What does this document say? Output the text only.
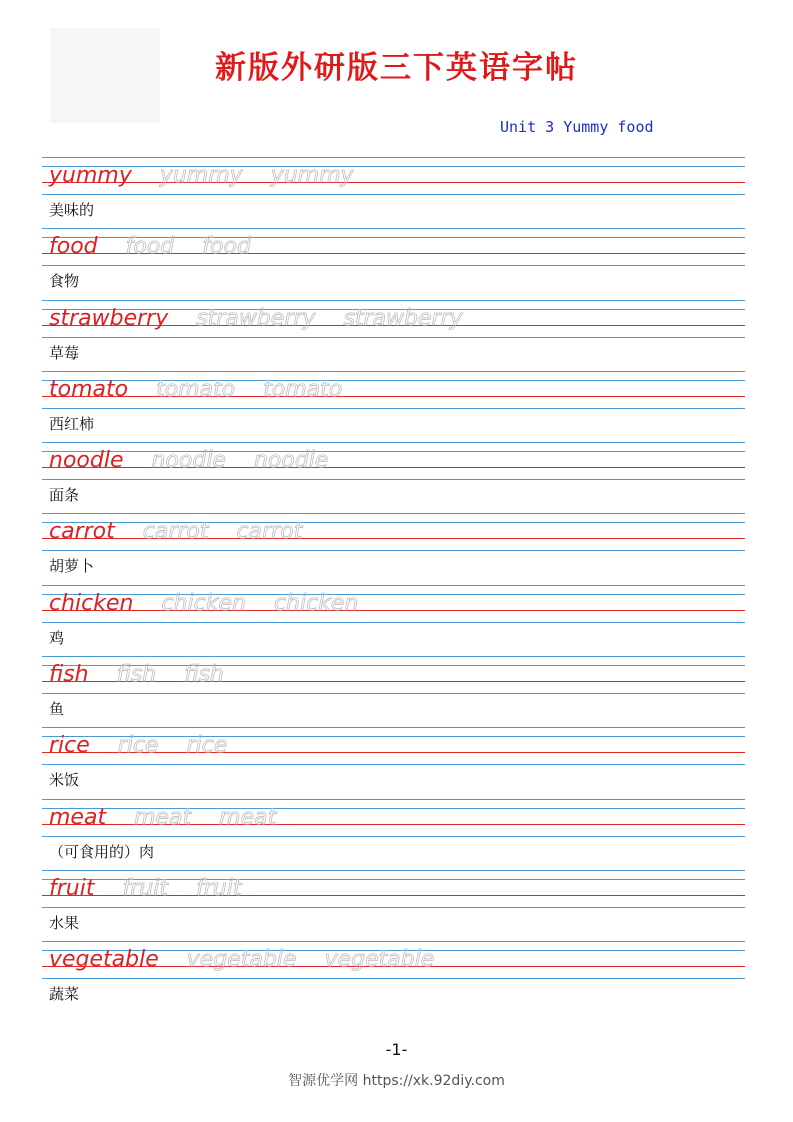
新版外研版三下英语字帖
Unit 3 Yummy food
yummy yummy yummy
美味的
food food food
食物
strawberry strawberry strawberry
草莓
tomato tomato tomato
西红柿
noodle noodle noodle
面条
carrot carrot carrot
胡萝卜
chicken chicken chicken
鸡
fish fish fish
鱼
rice rice rice
米饭
meat meat meat
（可食用的）肉
fruit fruit fruit
水果
vegetable vegetable vegetable
蔬菜
-1-
智源优学网 https://xk.92diy.com
